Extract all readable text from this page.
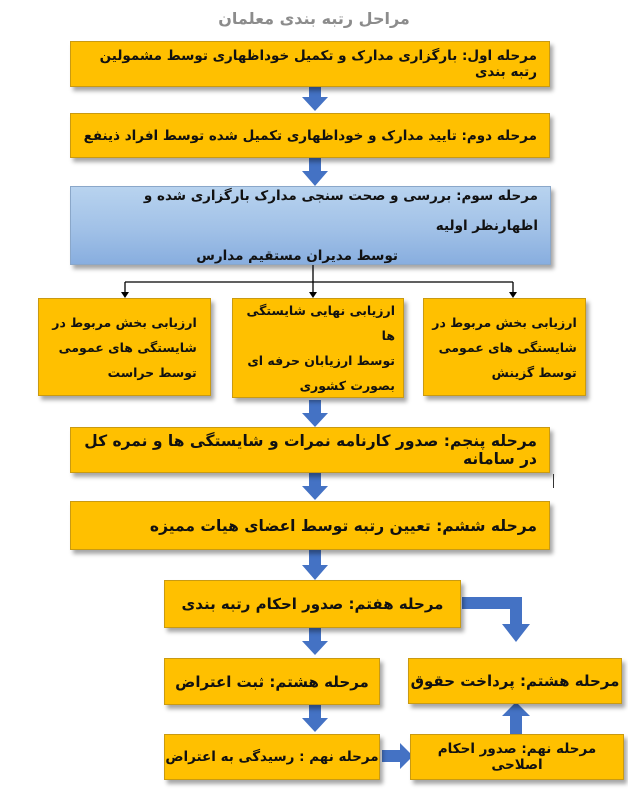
مراحل رتبه بندی معلمان
مرحله اول: بارگزاری مدارک و تکمیل خوداظهاری توسط مشمولین رتبه بندی
مرحله دوم: تایید مدارک و خوداظهاری تکمیل شده توسط افراد ذینفع
مرحله سوم: بررسی و صحت سنجی مدارک بارگزاری شده و اظهارنظر اولیه
توسط مدیران مستقیم مدارس
ارزیابی بخش مربوط در
شایستگی های عمومی
توسط گزینش
ارزیابی نهایی شایستگی ها
توسط ارزیابان حرفه ای
بصورت کشوری
ارزیابی بخش مربوط در
شایستگی های عمومی
توسط حراست
مرحله پنجم: صدور کارنامه نمرات و شایستگی ها و نمره کل در سامانه
مرحله ششم: تعیین رتبه توسط اعضای هیات ممیزه
مرحله هفتم: صدور احکام رتبه بندی
مرحله هشتم: ثبت اعتراض	مرحله هشتم: پرداخت حقوق
مرحله نهم : رسیدگی به اعتراض	مرحله نهم: صدور احکام اصلاحی
